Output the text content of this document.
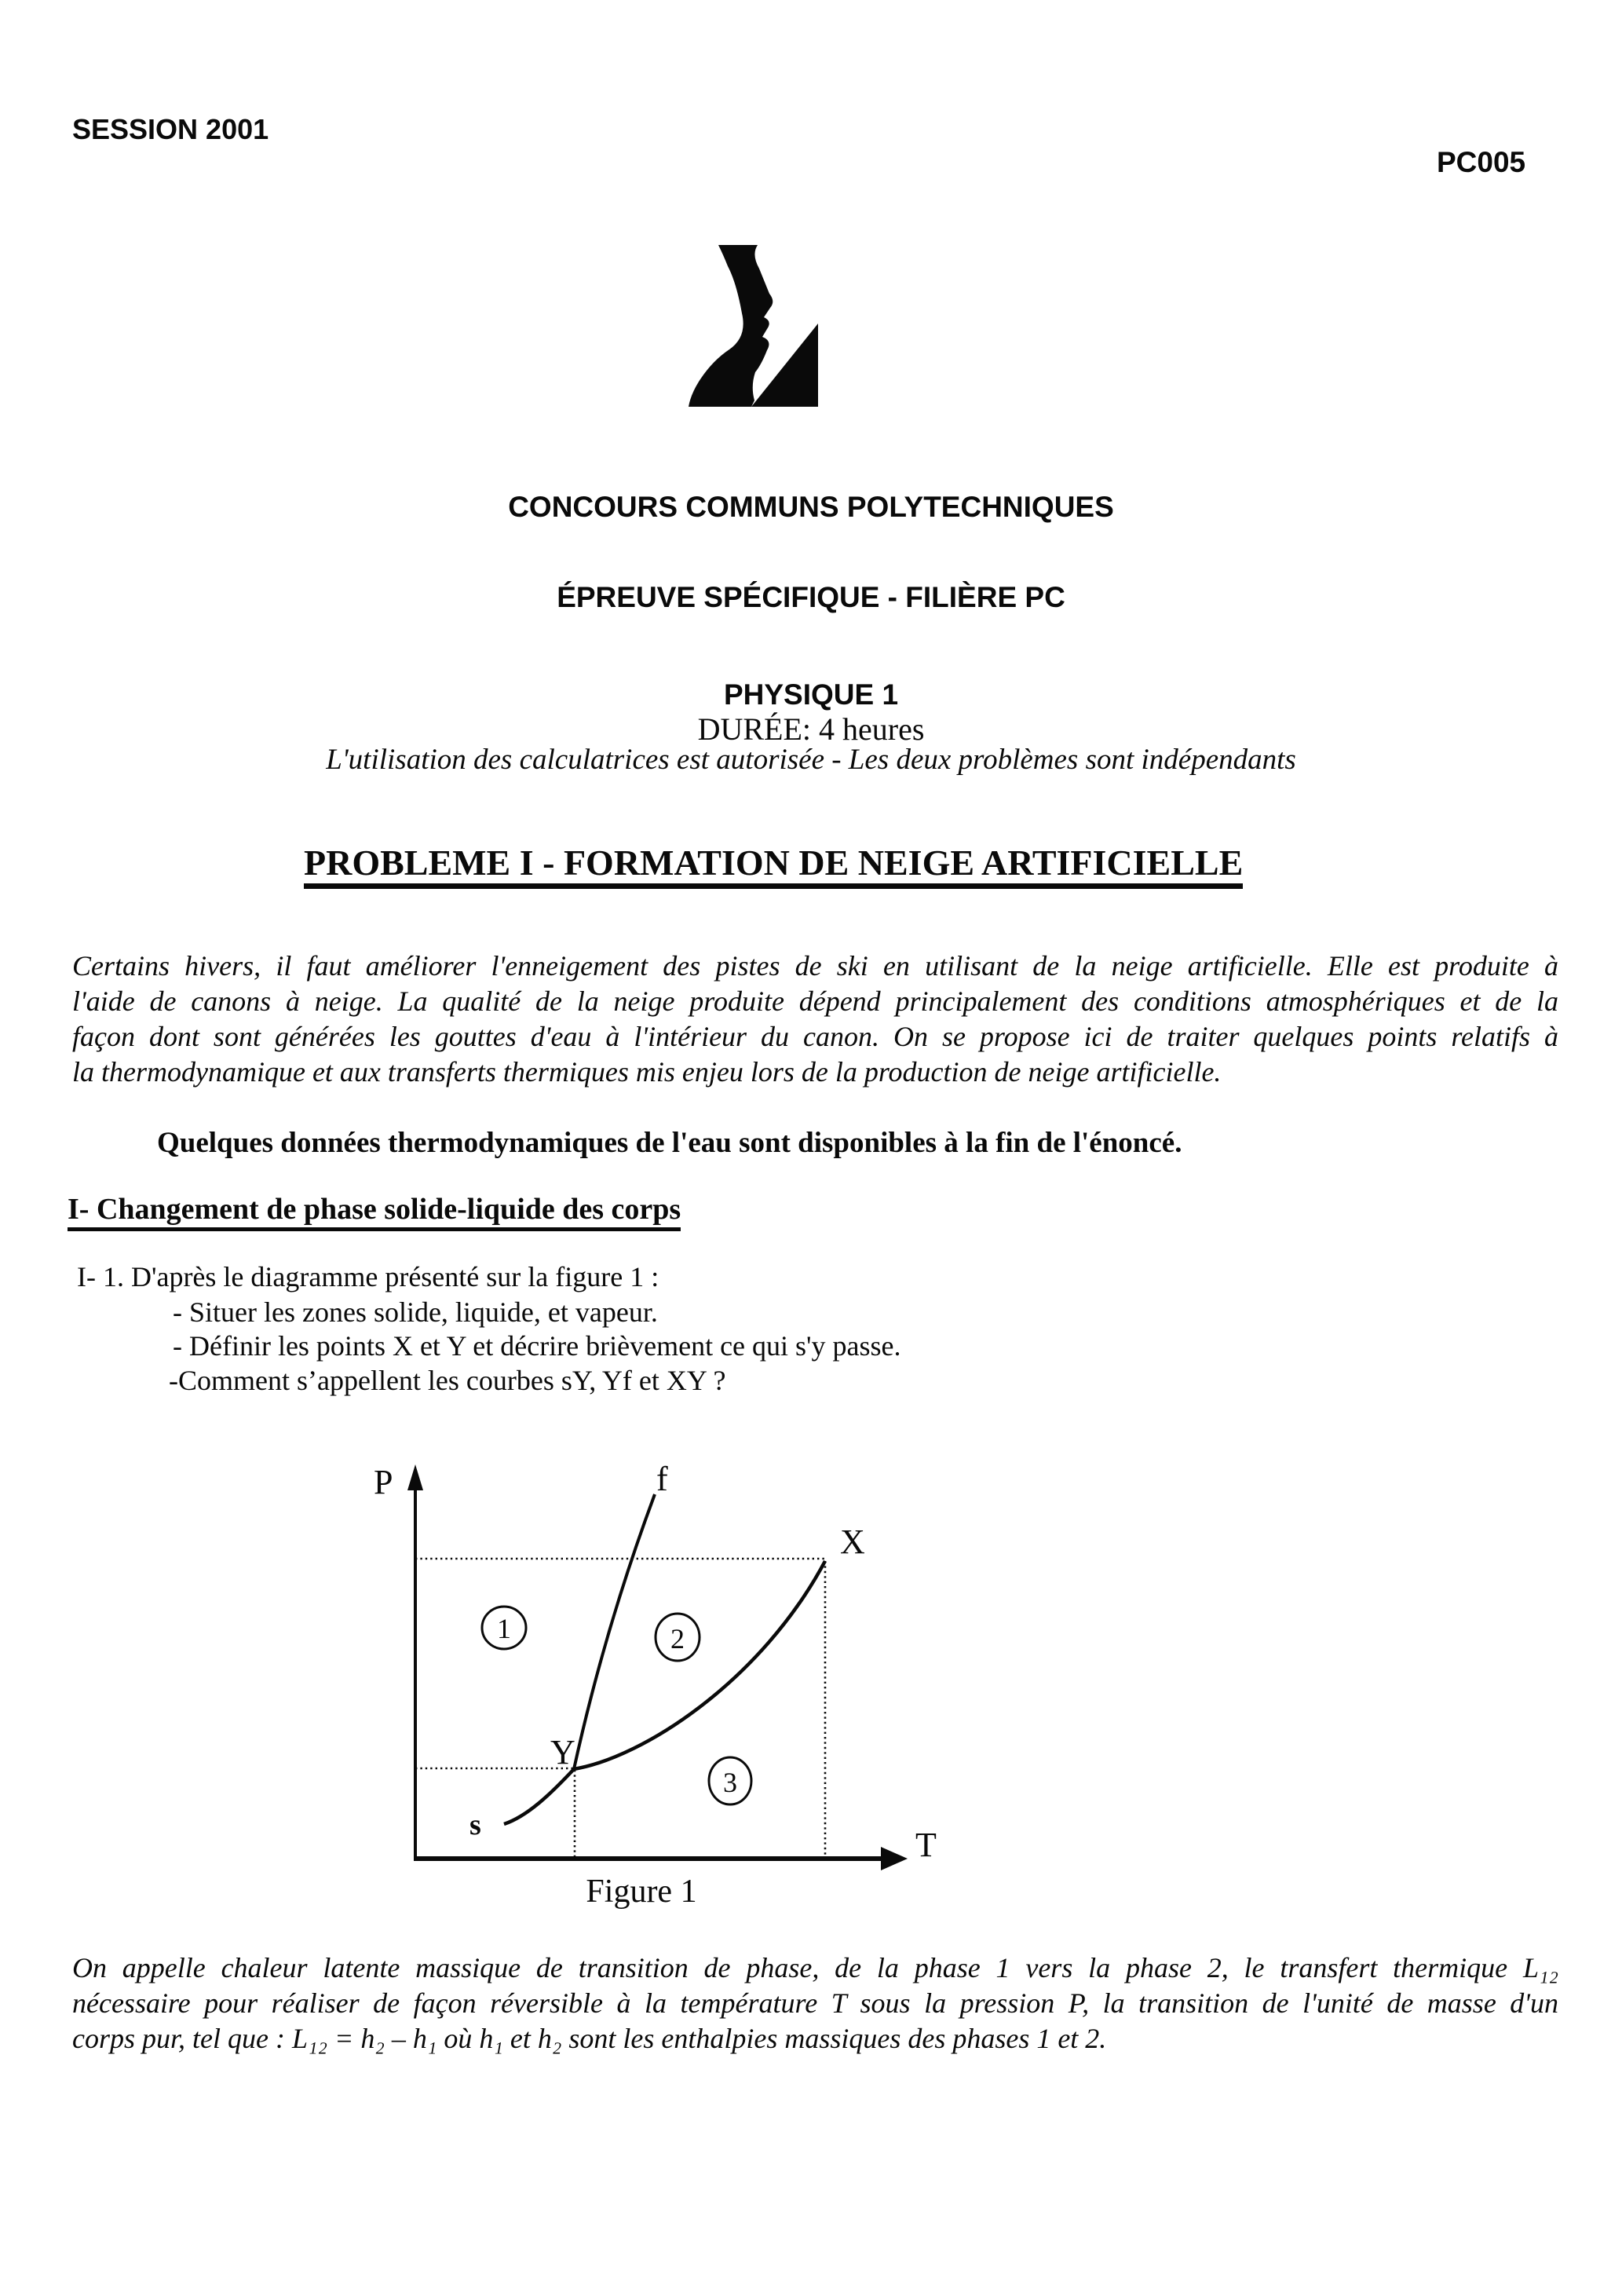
SESSION 2001
PC005
CONCOURS COMMUNS POLYTECHNIQUES
ÉPREUVE SPÉCIFIQUE - FILIÈRE PC
PHYSIQUE 1
DURÉE: 4 heures
L'utilisation des calculatrices est autorisée - Les deux problèmes sont indépendants
PROBLEME I - FORMATION DE NEIGE ARTIFICIELLE
Certains hivers, il faut améliorer l'enneigement des pistes de ski en utilisant de la neige artificielle. Elle est produite à
l'aide de canons à neige. La qualité de la neige produite dépend principalement des conditions atmosphériques et de la
façon dont sont générées les gouttes d'eau à l'intérieur du canon. On se propose ici de traiter quelques points relatifs à
la thermodynamique et aux transferts thermiques mis enjeu lors de la production de neige artificielle.
Quelques données thermodynamiques de l'eau sont disponibles à la fin de l'énoncé.
I- Changement de phase solide-liquide des corps
I- 1. D'après le diagramme présenté sur la figure 1 :
- Situer les zones solide, liquide, et vapeur.
- Définir les points X et Y et décrire brièvement ce qui s'y passe.
-Comment s’appellent les courbes sY, Yf et XY ?
P
T
f
s
X
Y
1	2
3
Figure 1
On appelle chaleur latente massique de transition de phase, de la phase 1 vers la phase 2, le transfert thermique L₁₂
nécessaire pour réaliser de façon réversible à la température T sous la pression P, la transition de l'unité de masse d'un
corps pur, tel que : L₁₂ = h₂ – h₁ où h₁ et h₂ sont les enthalpies massiques des phases 1 et 2.
